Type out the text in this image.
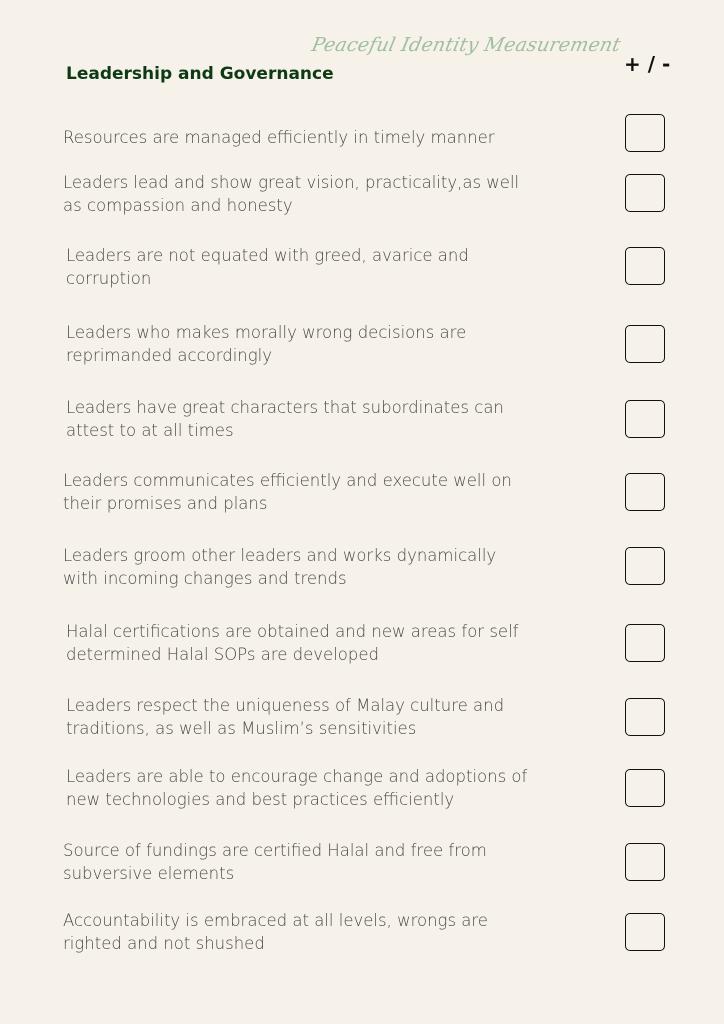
Peaceful Identity Measurement
Leadership and Governance	+ / -
Resources are managed efficiently in timely manner
Leaders lead and show great vision, practicality,as well as compassion and honesty
Leaders are not equated with greed, avarice and corruption
Leaders who makes morally wrong decisions are reprimanded accordingly
Leaders have great characters that subordinates can attest to at all times
Leaders communicates efficiently and execute well on their promises and plans
Leaders groom other leaders and works dynamically with incoming changes and trends
Halal certifications are obtained and new areas for self determined Halal SOPs are developed
Leaders respect the uniqueness of Malay culture and traditions, as well as Muslim’s sensitivities
Leaders are able to encourage change and adoptions of new technologies and best practices efficiently
Source of fundings are certified Halal and free from subversive elements
Accountability is embraced at all levels, wrongs are righted and not shushed
